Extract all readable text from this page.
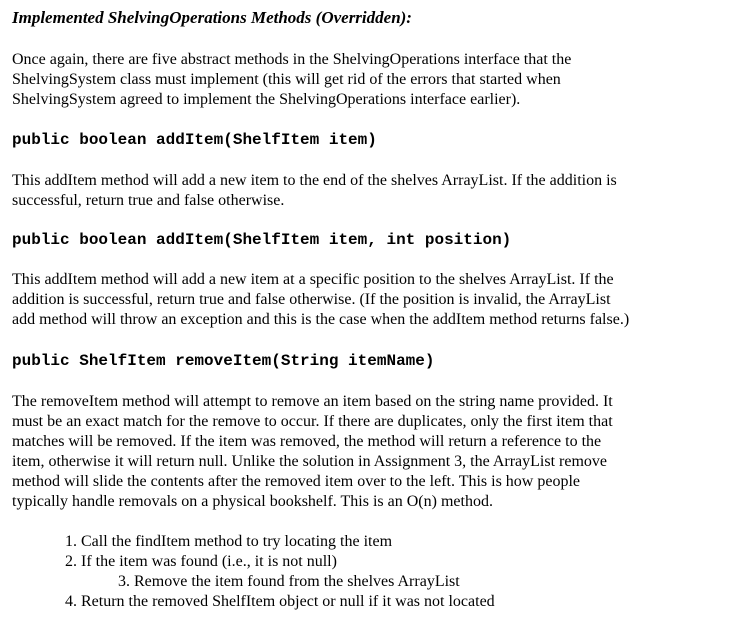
Implemented ShelvingOperations Methods (Overridden):

Once again, there are five abstract methods in the ShelvingOperations interface that the
ShelvingSystem class must implement (this will get rid of the errors that started when
ShelvingSystem agreed to implement the ShelvingOperations interface earlier).

public boolean addItem(ShelfItem item)

This addItem method will add a new item to the end of the shelves ArrayList. If the addition is
successful, return true and false otherwise.

public boolean addItem(ShelfItem item, int position)

This addItem method will add a new item at a specific position to the shelves ArrayList. If the
addition is successful, return true and false otherwise. (If the position is invalid, the ArrayList
add method will throw an exception and this is the case when the addItem method returns false.)

public ShelfItem removeItem(String itemName)

The removeItem method will attempt to remove an item based on the string name provided. It
must be an exact match for the remove to occur. If there are duplicates, only the first item that
matches will be removed. If the item was removed, the method will return a reference to the
item, otherwise it will return null. Unlike the solution in Assignment 3, the ArrayList remove
method will slide the contents after the removed item over to the left. This is how people
typically handle removals on a physical bookshelf. This is an O(n) method.

1. Call the findItem method to try locating the item
2. If the item was found (i.e., it is not null)
3. Remove the item found from the shelves ArrayList
4. Return the removed ShelfItem object or null if it was not located
